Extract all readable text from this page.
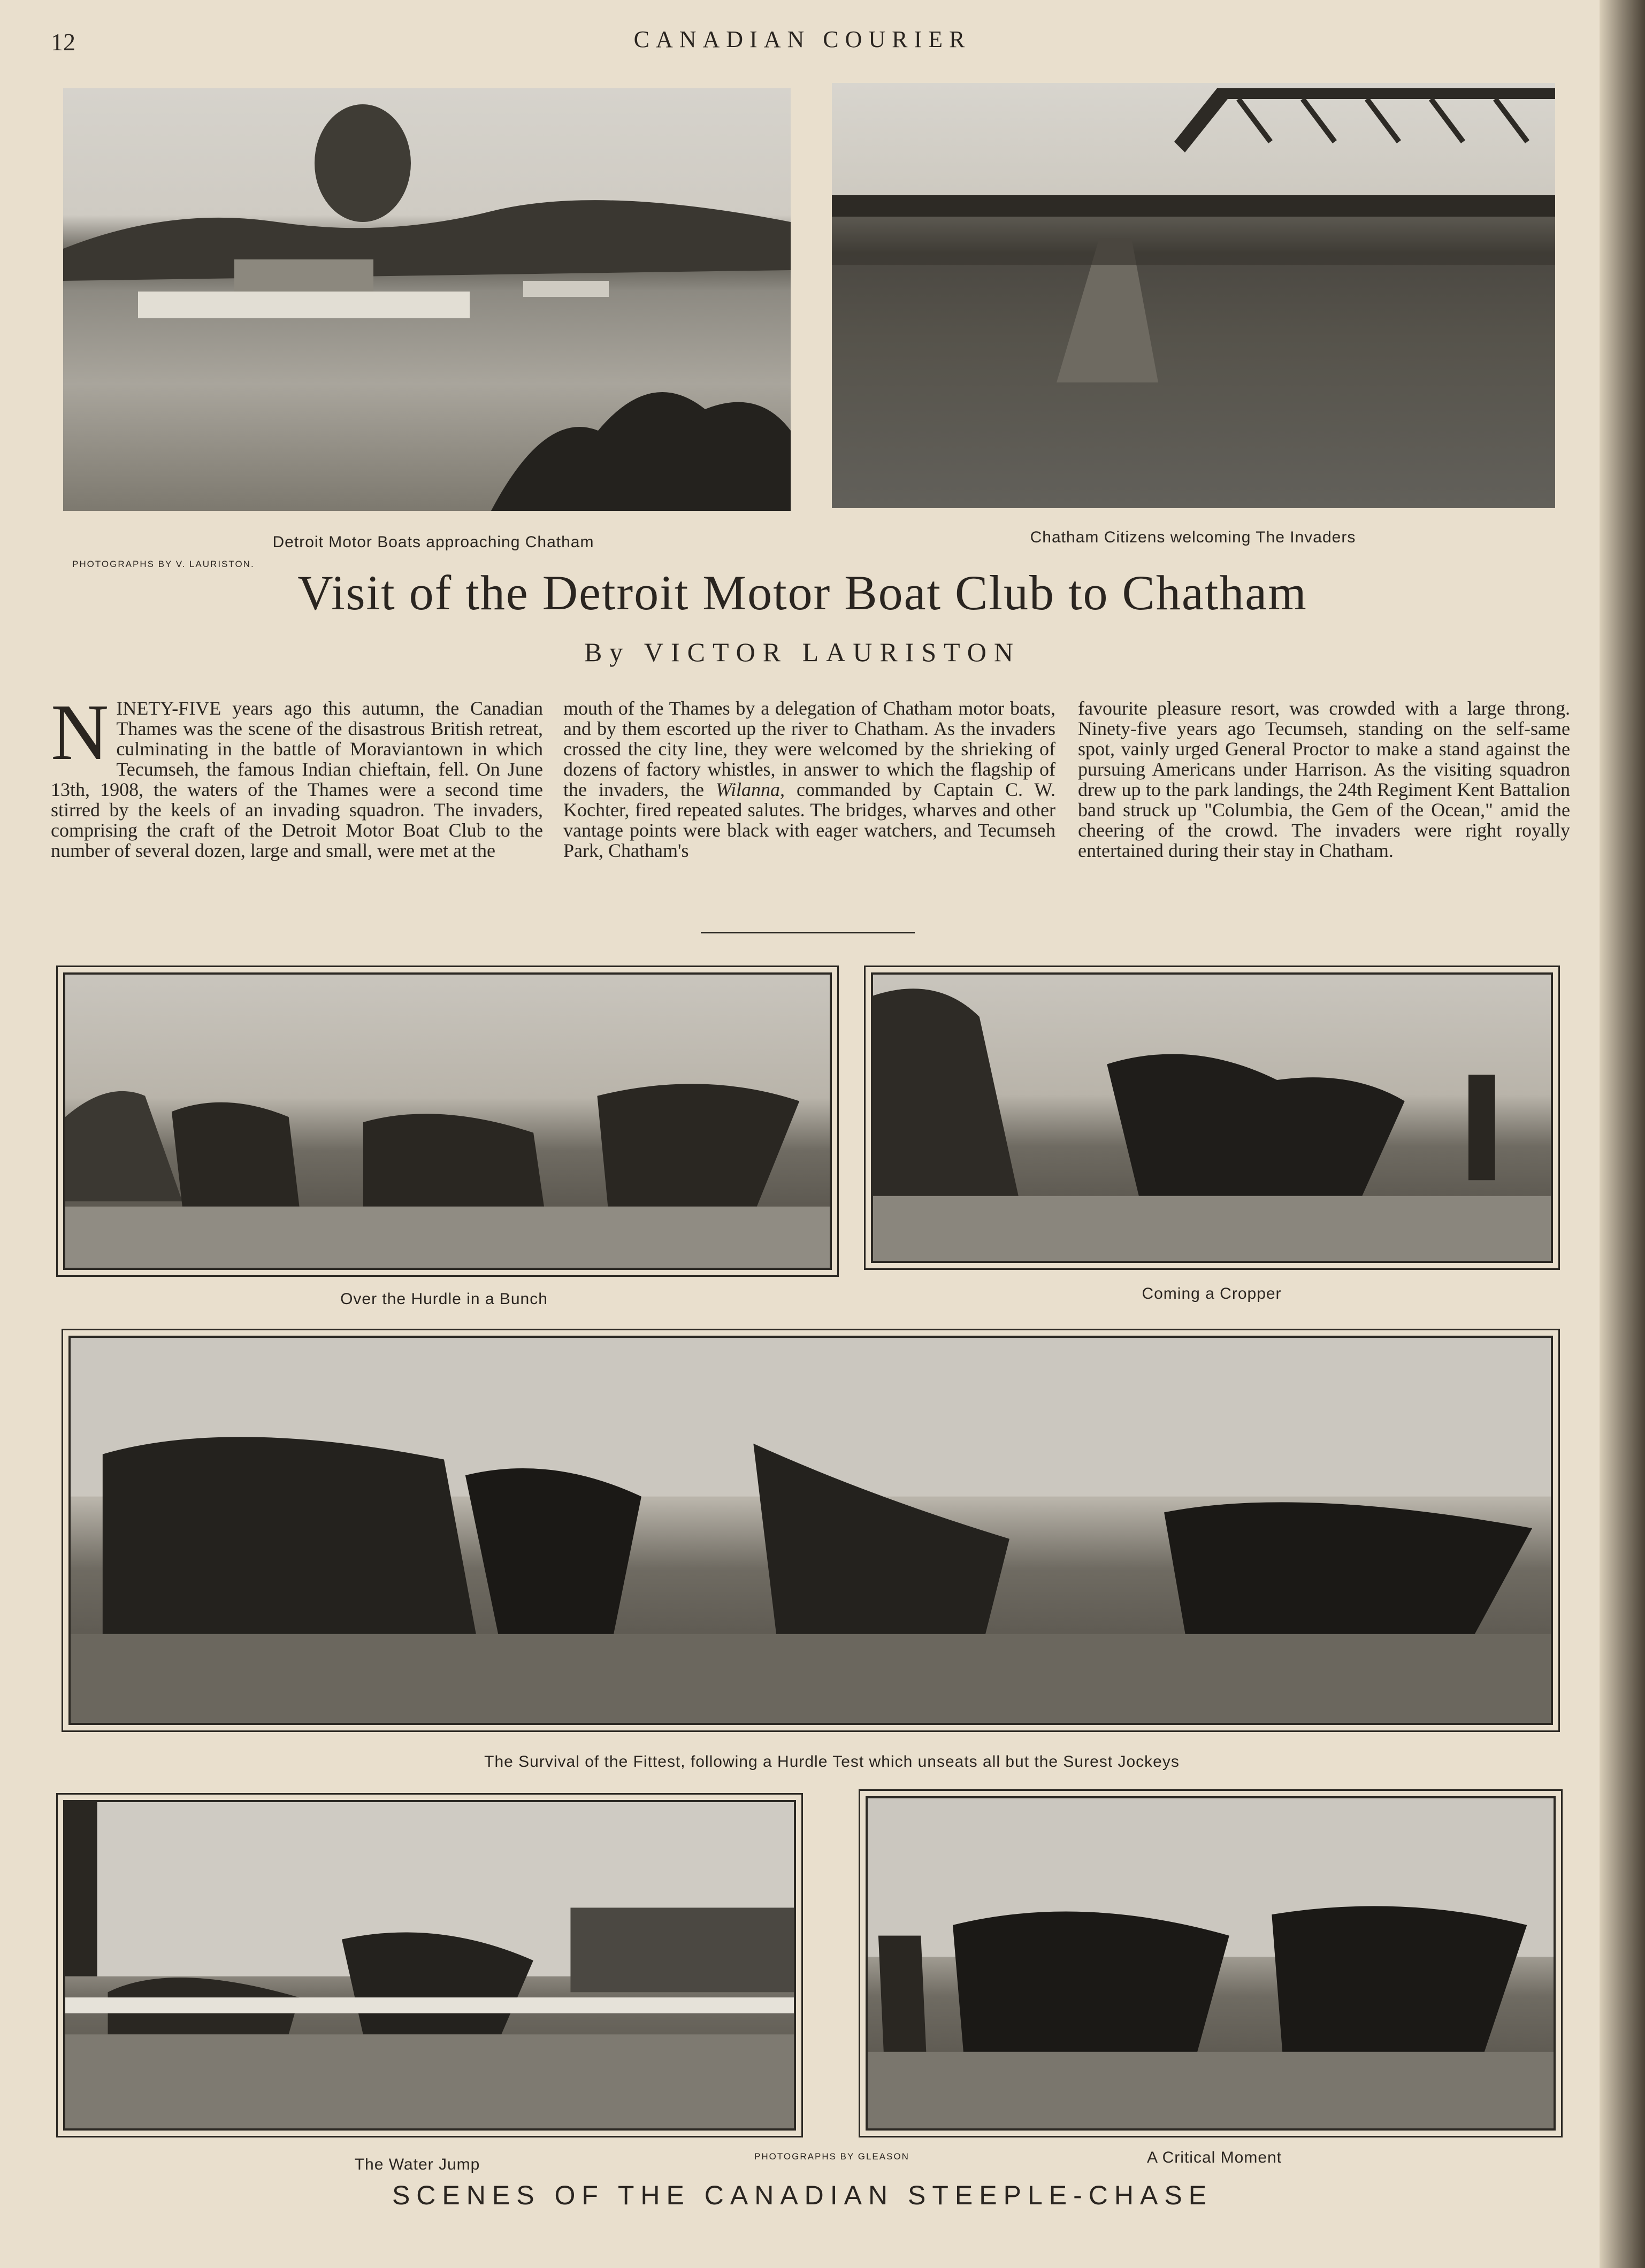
12	CANADIAN COURIER
Detroit Motor Boats approaching Chatham	Chatham Citizens welcoming The Invaders
PHOTOGRAPHS BY V. LAURISTON.
Visit of the Detroit Motor Boat Club to Chatham
By VICTOR LAURISTON

NINETY-FIVE years ago this autumn, the Canadian Thames was the scene of the disastrous British retreat, culminating in the battle of Moraviantown in which Tecumseh, the famous Indian chieftain, fell. On June 13th, 1908, the waters of the Thames were a second time stirred by the keels of an invading squadron. The invaders, comprising the craft of the Detroit Motor Boat Club to the number of several dozen, large and small, were met at the

mouth of the Thames by a delegation of Chatham motor boats, and by them escorted up the river to Chatham. As the invaders crossed the city line, they were welcomed by the shrieking of dozens of factory whistles, in answer to which the flagship of the invaders, the Wilanna, commanded by Captain C. W. Kochter, fired repeated salutes. The bridges, wharves and other vantage points were black with eager watchers, and Tecumseh Park, Chatham's

favourite pleasure resort, was crowded with a large throng. Ninety-five years ago Tecumseh, standing on the self-same spot, vainly urged General Proctor to make a stand against the pursuing Americans under Harrison. As the visiting squadron drew up to the park landings, the 24th Regiment Kent Battalion band struck up "Columbia, the Gem of the Ocean," amid the cheering of the crowd. The invaders were right royally entertained during their stay in Chatham.

Over the Hurdle in a Bunch	Coming a Cropper
The Survival of the Fittest, following a Hurdle Test which unseats all but the Surest Jockeys
The Water Jump	A Critical Moment
PHOTOGRAPHS BY GLEASON
SCENES OF THE CANADIAN STEEPLE-CHASE
